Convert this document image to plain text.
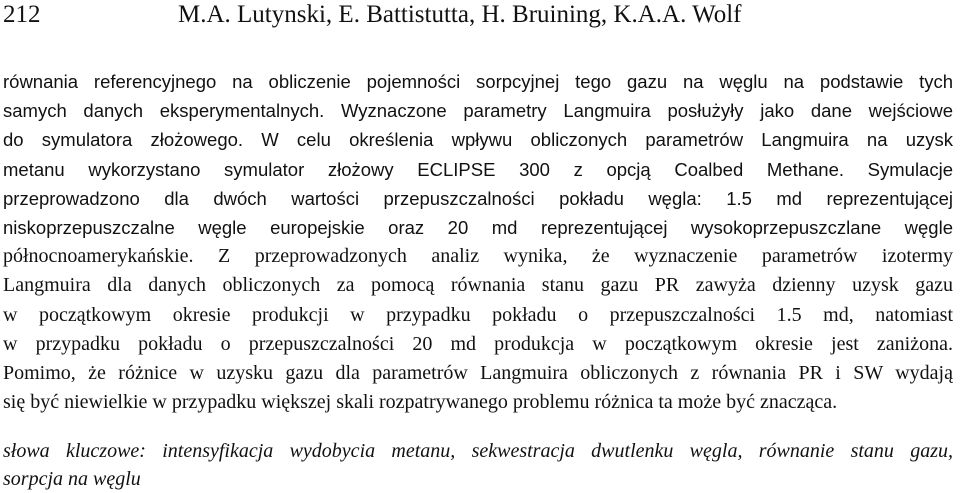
212	M.A. Lutynski, E. Battistutta, H. Bruining, K.A.A. Wolf
równania referencyjnego na obliczenie pojemności sorpcyjnej tego gazu na węglu na podstawie tych
samych danych eksperymentalnych. Wyznaczone parametry Langmuira posłużyły jako dane wejściowe
do symulatora złożowego. W celu określenia wpływu obliczonych parametrów Langmuira na uzysk
metanu wykorzystano symulator złożowy ECLIPSE 300 z opcją Coalbed Methane. Symulacje
przeprowadzono dla dwóch wartości przepuszczalności pokładu węgla: 1.5 md reprezentującej
niskoprzepuszczalne węgle europejskie oraz 20 md reprezentującej wysokoprzepuszczlane węgle
północnoamerykańskie. Z przeprowadzonych analiz wynika, że wyznaczenie parametrów izotermy
Langmuira dla danych obliczonych za pomocą równania stanu gazu PR zawyża dzienny uzysk gazu
w początkowym okresie produkcji w przypadku pokładu o przepuszczalności 1.5 md, natomiast
w przypadku pokładu o przepuszczalności 20 md produkcja w początkowym okresie jest zaniżona.
Pomimo, że różnice w uzysku gazu dla parametrów Langmuira obliczonych z równania PR i SW wydają
się być niewielkie w przypadku większej skali rozpatrywanego problemu różnica ta może być znacząca.
słowa kluczowe: intensyfikacja wydobycia metanu, sekwestracja dwutlenku węgla, równanie stanu gazu,
sorpcja na węglu
